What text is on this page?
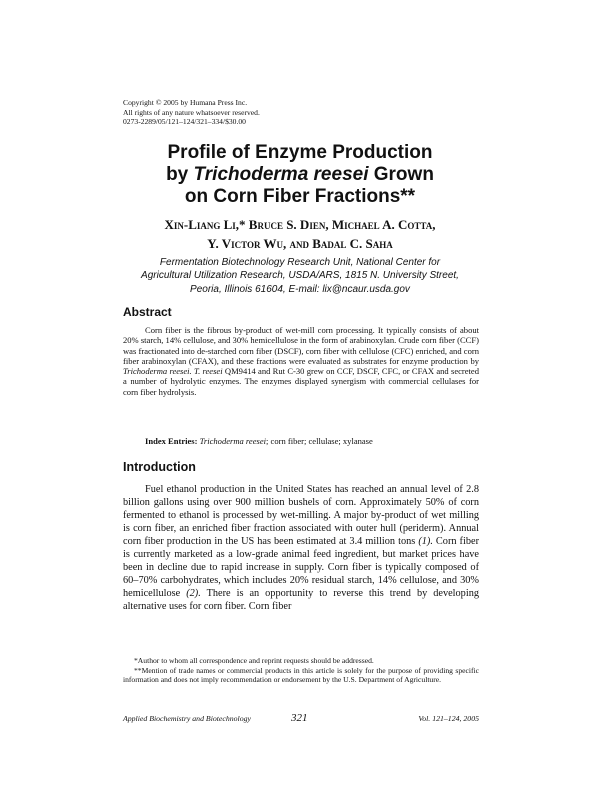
Copyright © 2005 by Humana Press Inc.
All rights of any nature whatsoever reserved.
0273-2289/05/121–124/321–334/$30.00
Profile of Enzyme Production
by Trichoderma reesei Grown
on Corn Fiber Fractions**
Xin-Liang Li,* Bruce S. Dien, Michael A. Cotta,
Y. Victor Wu, and Badal C. Saha
Fermentation Biotechnology Research Unit, National Center for
Agricultural Utilization Research, USDA/ARS, 1815 N. University Street,
Peoria, Illinois 61604, E-mail: lix@ncaur.usda.gov
Abstract

Corn fiber is the fibrous by-product of wet-mill corn processing. It typically consists of about 20% starch, 14% cellulose, and 30% hemicellulose in the form of arabinoxylan. Crude corn fiber (CCF) was fractionated into de-starched corn fiber (DSCF), corn fiber with cellulose (CFC) enriched, and corn fiber arabinoxylan (CFAX), and these fractions were evaluated as substrates for enzyme production by Trichoderma reesei. T. reesei QM9414 and Rut C-30 grew on CCF, DSCF, CFC, or CFAX and secreted a number of hydrolytic enzymes. The enzymes displayed synergism with commercial cellulases for corn fiber hydrolysis.

Index Entries: Trichoderma reesei; corn fiber; cellulase; xylanase
Introduction

Fuel ethanol production in the United States has reached an annual level of 2.8 billion gallons using over 900 million bushels of corn. Approximately 50% of corn fermented to ethanol is processed by wet-milling. A major by-product of wet milling is corn fiber, an enriched fiber fraction associated with outer hull (periderm). Annual corn fiber production in the US has been estimated at 3.4 million tons (1). Corn fiber is currently marketed as a low-grade animal feed ingredient, but market prices have been in decline due to rapid increase in supply. Corn fiber is typically composed of 60–70% carbohydrates, which includes 20% residual starch, 14% cellulose, and 30% hemicellulose (2). There is an opportunity to reverse this trend by developing alternative uses for corn fiber. Corn fiber

*Author to whom all correspondence and reprint requests should be addressed.

**Mention of trade names or commercial products in this article is solely for the purpose of providing specific information and does not imply recommendation or endorsement by the U.S. Department of Agriculture.

Applied Biochemistry and Biotechnology	321	Vol. 121–124, 2005
